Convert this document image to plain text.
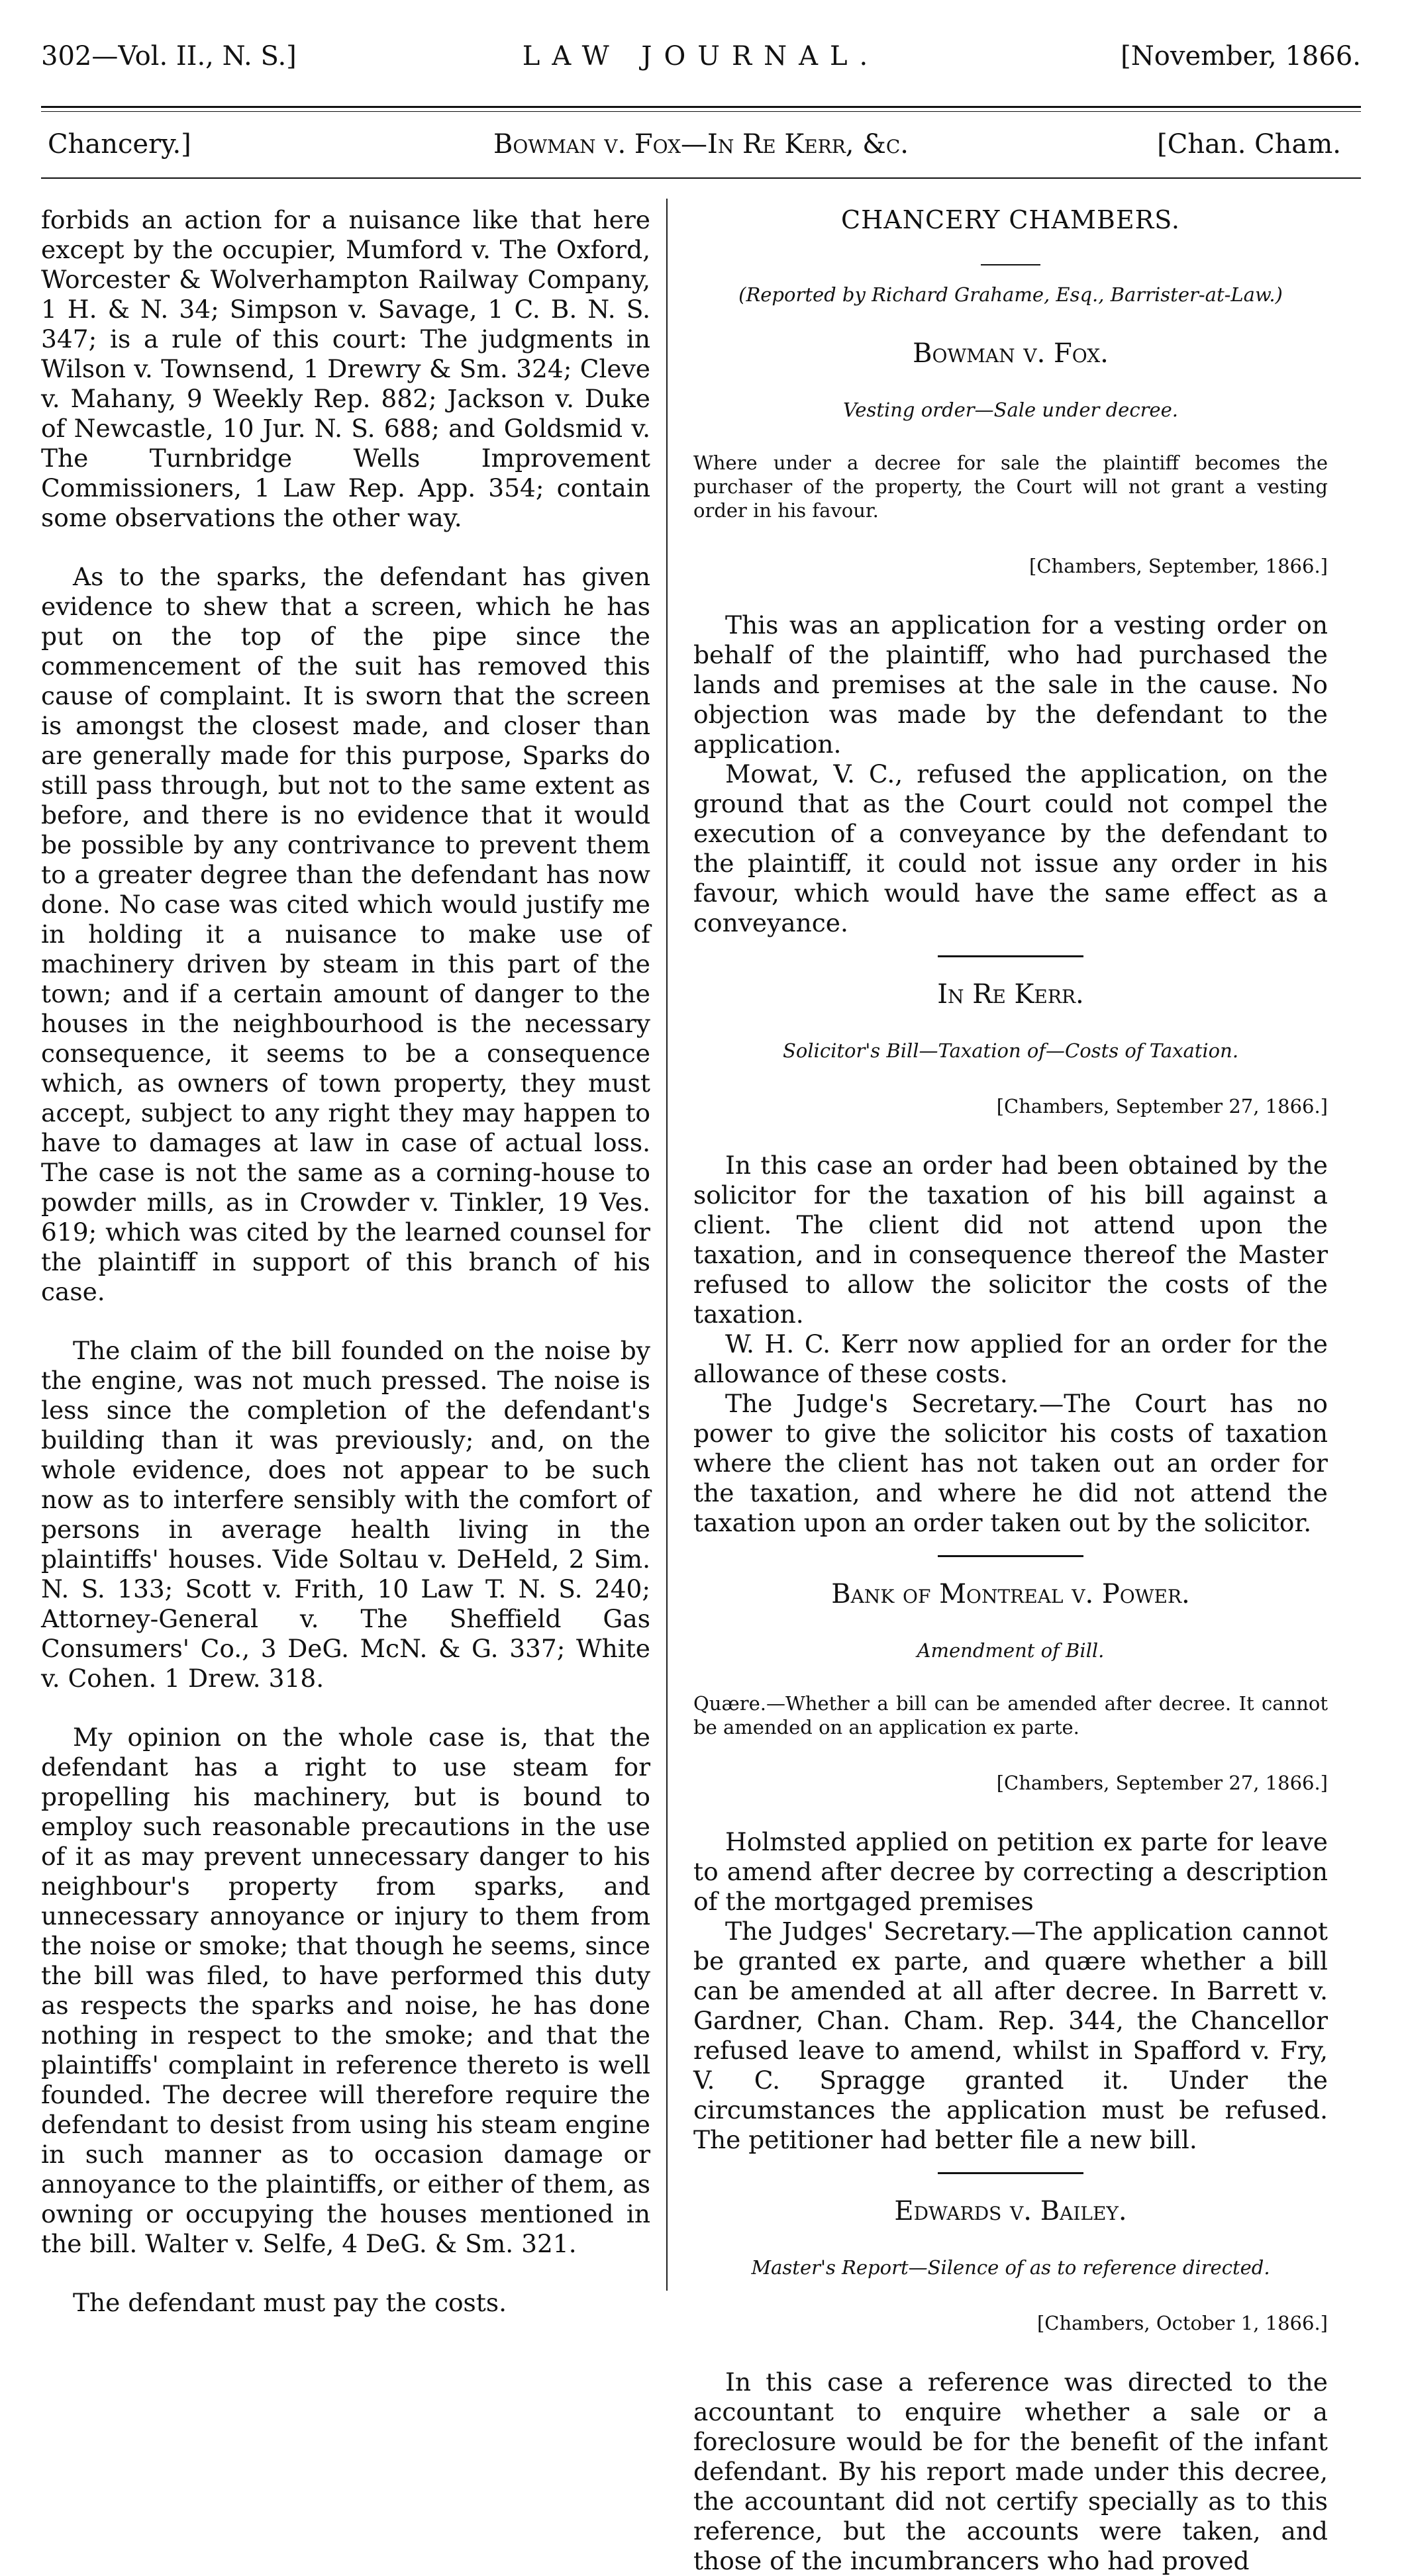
302—Vol. II., N. S.]	LAW JOURNAL.	[November, 1866.
Chancery.]	Bowman v. Fox—In Re Kerr, &c.	[Chan. Cham.

forbids an action for a nuisance like that here except by the occupier, Mumford v. The Oxford, Worcester & Wolverhampton Railway Company, 1 H. & N. 34; Simpson v. Savage, 1 C. B. N. S. 347; is a rule of this court: The judgments in Wilson v. Townsend, 1 Drewry & Sm. 324; Cleve v. Mahany, 9 Weekly Rep. 882; Jackson v. Duke of Newcastle, 10 Jur. N. S. 688; and Goldsmid v. The Turnbridge Wells Improvement Commissioners, 1 Law Rep. App. 354; contain some observations the other way.

As to the sparks, the defendant has given evidence to shew that a screen, which he has put on the top of the pipe since the commencement of the suit has removed this cause of complaint. It is sworn that the screen is amongst the closest made, and closer than are generally made for this purpose, Sparks do still pass through, but not to the same extent as before, and there is no evidence that it would be possible by any contrivance to prevent them to a greater degree than the defendant has now done. No case was cited which would justify me in holding it a nuisance to make use of machinery driven by steam in this part of the town; and if a certain amount of danger to the houses in the neighbourhood is the necessary consequence, it seems to be a consequence which, as owners of town property, they must accept, subject to any right they may happen to have to damages at law in case of actual loss. The case is not the same as a corning-house to powder mills, as in Crowder v. Tinkler, 19 Ves. 619; which was cited by the learned counsel for the plaintiff in support of this branch of his case.

The claim of the bill founded on the noise by the engine, was not much pressed. The noise is less since the completion of the defendant's building than it was previously; and, on the whole evidence, does not appear to be such now as to interfere sensibly with the comfort of persons in average health living in the plaintiffs' houses. Vide Soltau v. DeHeld, 2 Sim. N. S. 133; Scott v. Frith, 10 Law T. N. S. 240; Attorney-General v. The Sheffield Gas Consumers' Co., 3 DeG. McN. & G. 337; White v. Cohen. 1 Drew. 318.

My opinion on the whole case is, that the defendant has a right to use steam for propelling his machinery, but is bound to employ such reasonable precautions in the use of it as may prevent unnecessary danger to his neighbour's property from sparks, and unnecessary annoyance or injury to them from the noise or smoke; that though he seems, since the bill was filed, to have performed this duty as respects the sparks and noise, he has done nothing in respect to the smoke; and that the plaintiffs' complaint in reference thereto is well founded. The decree will therefore require the defendant to desist from using his steam engine in such manner as to occasion damage or annoyance to the plaintiffs, or either of them, as owning or occupying the houses mentioned in the bill. Walter v. Selfe, 4 DeG. & Sm. 321.

The defendant must pay the costs.

CHANCERY CHAMBERS.

(Reported by Richard Grahame, Esq., Barrister-at-Law.)

Bowman v. Fox.

Vesting order—Sale under decree.

Where under a decree for sale the plaintiff becomes the purchaser of the property, the Court will not grant a vesting order in his favour.

[Chambers, September, 1866.]

This was an application for a vesting order on behalf of the plaintiff, who had purchased the lands and premises at the sale in the cause. No objection was made by the defendant to the application.

Mowat, V. C., refused the application, on the ground that as the Court could not compel the execution of a conveyance by the defendant to the plaintiff, it could not issue any order in his favour, which would have the same effect as a conveyance.

In Re Kerr.

Solicitor's Bill—Taxation of—Costs of Taxation.

[Chambers, September 27, 1866.]

In this case an order had been obtained by the solicitor for the taxation of his bill against a client. The client did not attend upon the taxation, and in consequence thereof the Master refused to allow the solicitor the costs of the taxation.

W. H. C. Kerr now applied for an order for the allowance of these costs.

The Judge's Secretary.—The Court has no power to give the solicitor his costs of taxation where the client has not taken out an order for the taxation, and where he did not attend the taxation upon an order taken out by the solicitor.

Bank of Montreal v. Power.

Amendment of Bill.

Quære.—Whether a bill can be amended after decree. It cannot be amended on an application ex parte.

[Chambers, September 27, 1866.]

Holmsted applied on petition ex parte for leave to amend after decree by correcting a description of the mortgaged premises

The Judges' Secretary.—The application cannot be granted ex parte, and quære whether a bill can be amended at all after decree. In Barrett v. Gardner, Chan. Cham. Rep. 344, the Chancellor refused leave to amend, whilst in Spafford v. Fry, V. C. Spragge granted it. Under the circumstances the application must be refused. The petitioner had better file a new bill.

Edwards v. Bailey.

Master's Report—Silence of as to reference directed.

[Chambers, October 1, 1866.]

In this case a reference was directed to the accountant to enquire whether a sale or a foreclosure would be for the benefit of the infant defendant. By his report made under this decree, the accountant did not certify specially as to this reference, but the accounts were taken, and those of the incumbrancers who had proved
